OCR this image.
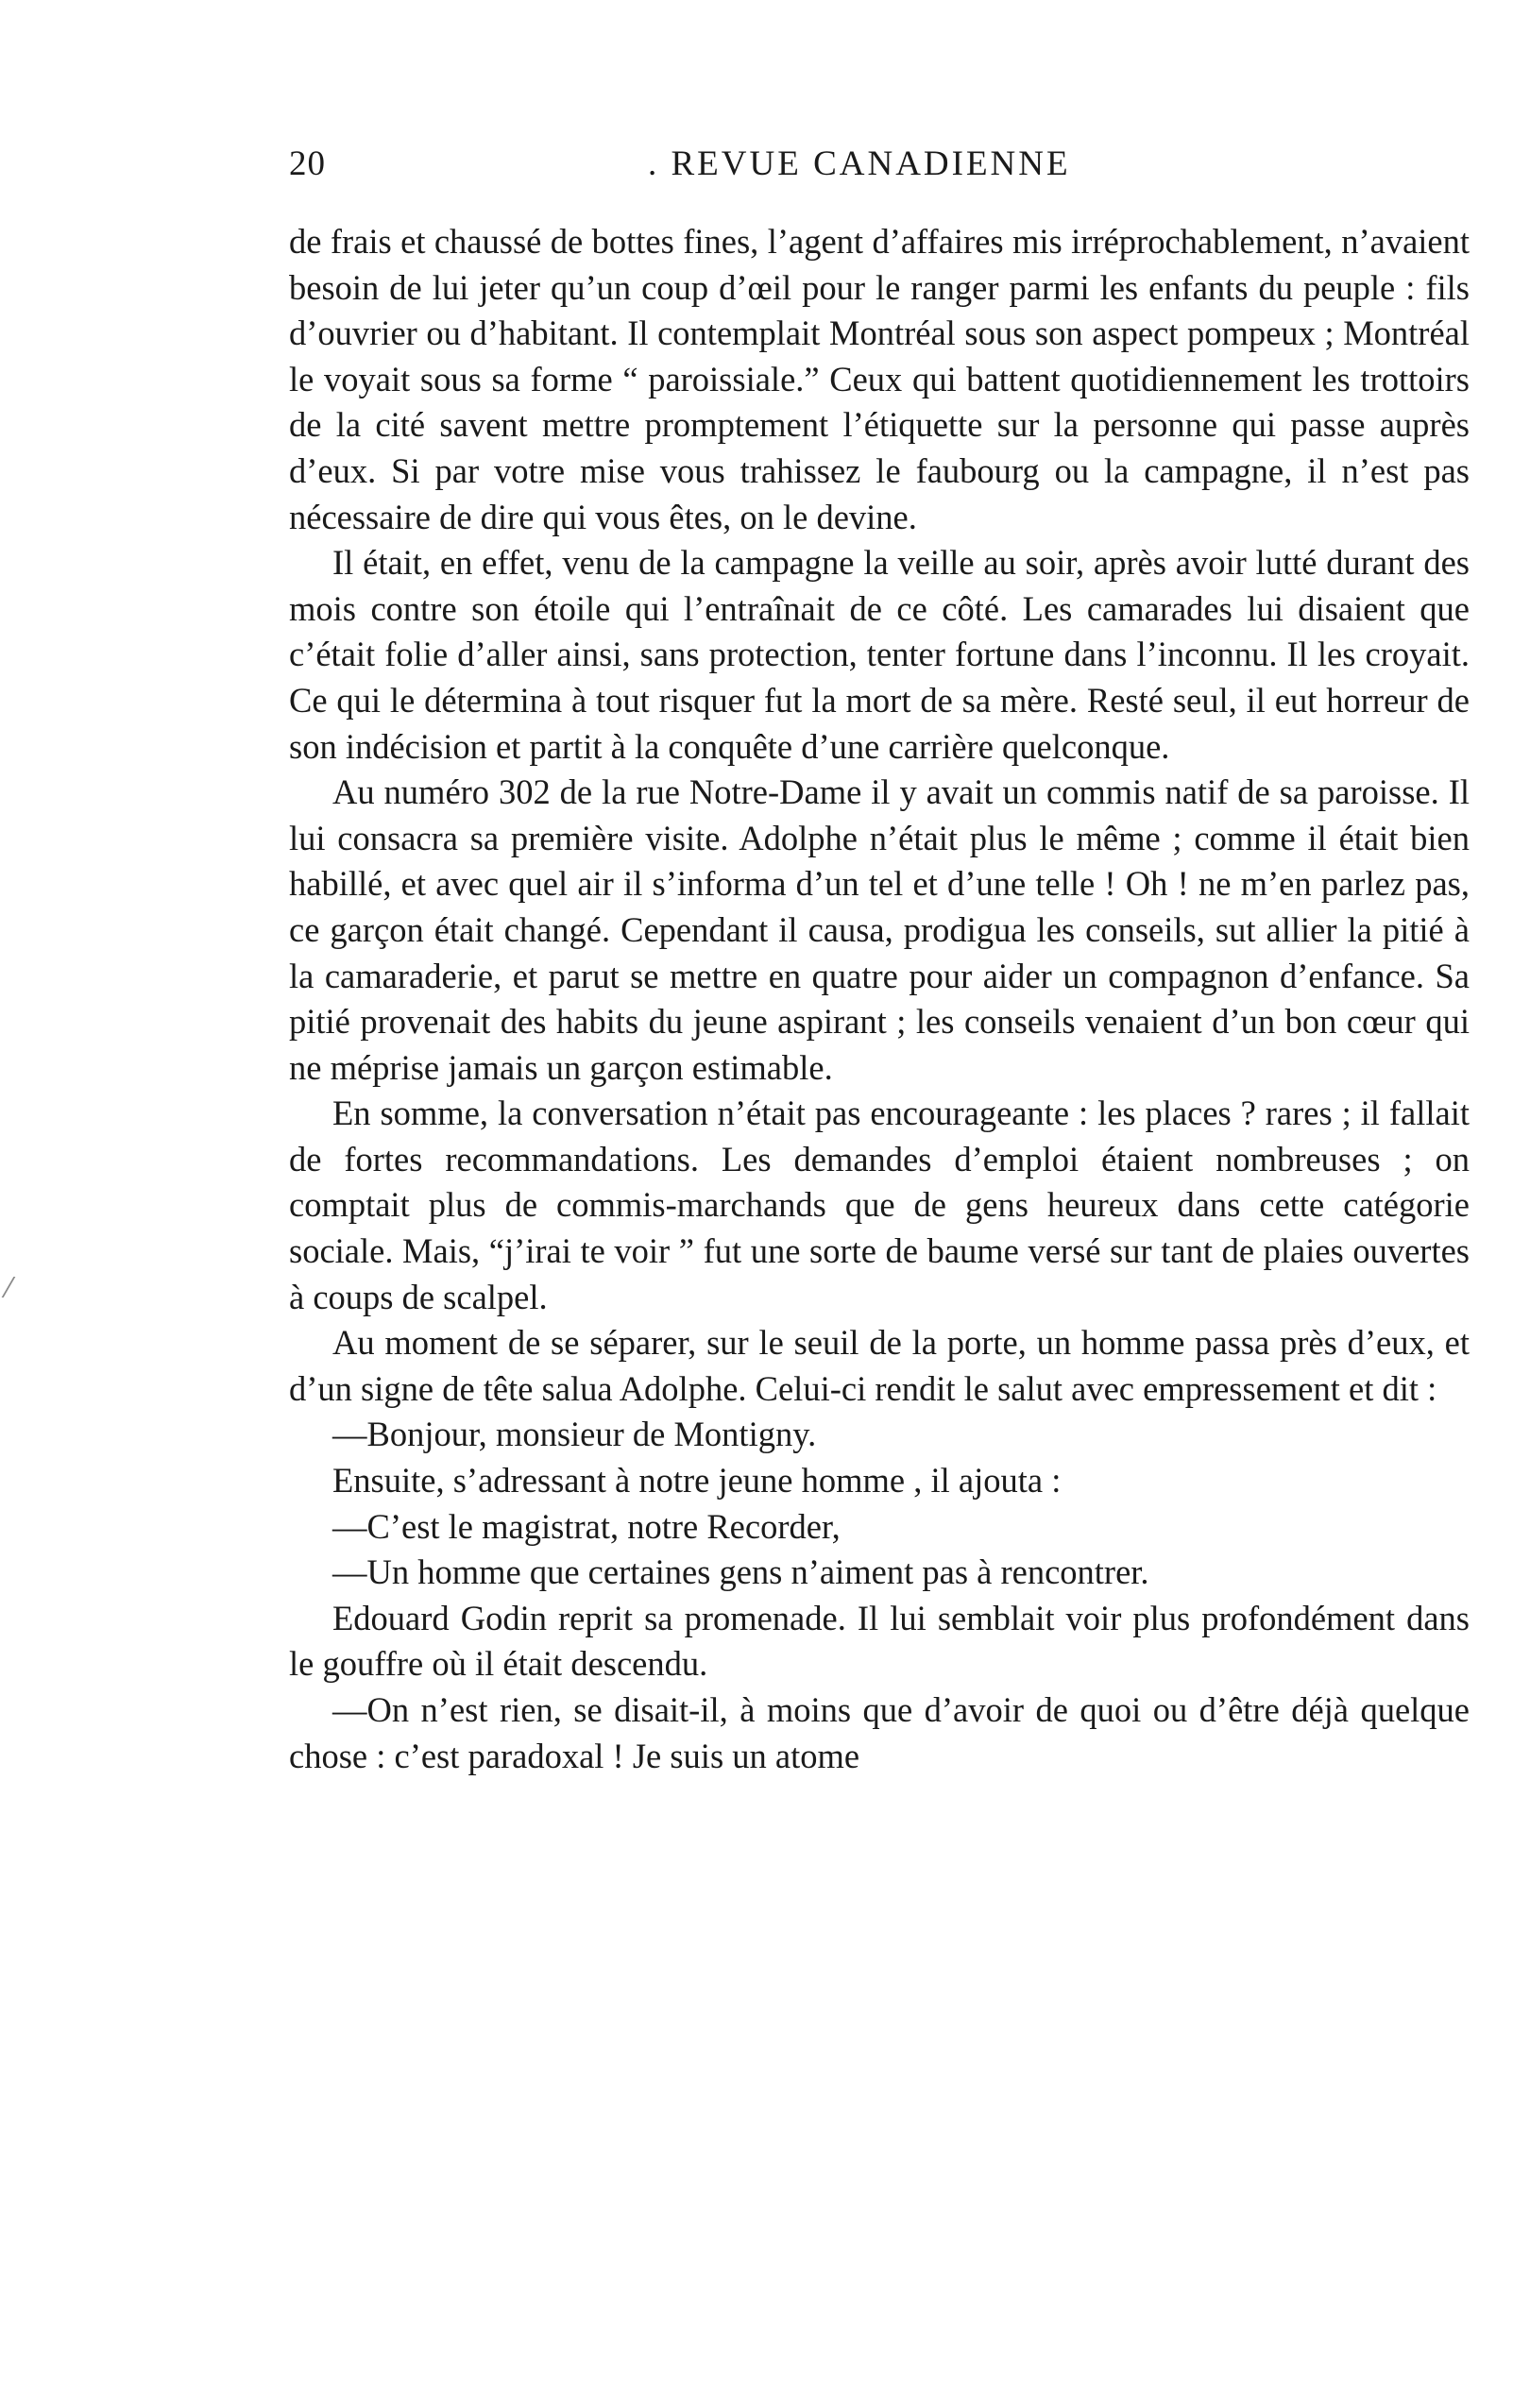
20	. REVUE CANADIENNE

de frais et chaussé de bottes fines, l’agent d’affaires mis irréprochablement, n’avaient besoin de lui jeter qu’un coup d’œil pour le ranger parmi les enfants du peuple : fils d’ouvrier ou d’habitant. Il contemplait Montréal sous son aspect pompeux ; Montréal le voyait sous sa forme “ paroissiale.” Ceux qui battent quotidiennement les trottoirs de la cité savent mettre promptement l’étiquette sur la personne qui passe auprès d’eux. Si par votre mise vous trahissez le faubourg ou la campagne, il n’est pas nécessaire de dire qui vous êtes, on le devine.

Il était, en effet, venu de la campagne la veille au soir, après avoir lutté durant des mois contre son étoile qui l’entraînait de ce côté. Les camarades lui disaient que c’était folie d’aller ainsi, sans protection, tenter fortune dans l’inconnu. Il les croyait. Ce qui le détermina à tout risquer fut la mort de sa mère. Resté seul, il eut horreur de son indécision et partit à la conquête d’une carrière quelconque.

Au numéro 302 de la rue Notre-Dame il y avait un commis natif de sa paroisse. Il lui consacra sa première visite. Adolphe n’était plus le même ; comme il était bien habillé, et avec quel air il s’informa d’un tel et d’une telle ! Oh ! ne m’en parlez pas, ce garçon était changé. Cependant il causa, prodigua les conseils, sut allier la pitié à la camaraderie, et parut se mettre en quatre pour aider un compagnon d’enfance. Sa pitié provenait des habits du jeune aspirant ; les conseils venaient d’un bon cœur qui ne méprise jamais un garçon estimable.

En somme, la conversation n’était pas encourageante : les places ? rares ; il fallait de fortes recommandations. Les demandes d’emploi étaient nombreuses ; on comptait plus de commis-marchands que de gens heureux dans cette catégorie sociale. Mais, “j’irai te voir ” fut une sorte de baume versé sur tant de plaies ouvertes à coups de scalpel.

Au moment de se séparer, sur le seuil de la porte, un homme passa près d’eux, et d’un signe de tête salua Adolphe. Celui-ci rendit le salut avec empressement et dit :

—Bonjour, monsieur de Montigny.

Ensuite, s’adressant à notre jeune homme , il ajouta :

—C’est le magistrat, notre Recorder,

—Un homme que certaines gens n’aiment pas à rencontrer.

Edouard Godin reprit sa promenade. Il lui semblait voir plus profondément dans le gouffre où il était descendu.

—On n’est rien, se disait-il, à moins que d’avoir de quoi ou d’être déjà quelque chose : c’est paradoxal ! Je suis un atome
